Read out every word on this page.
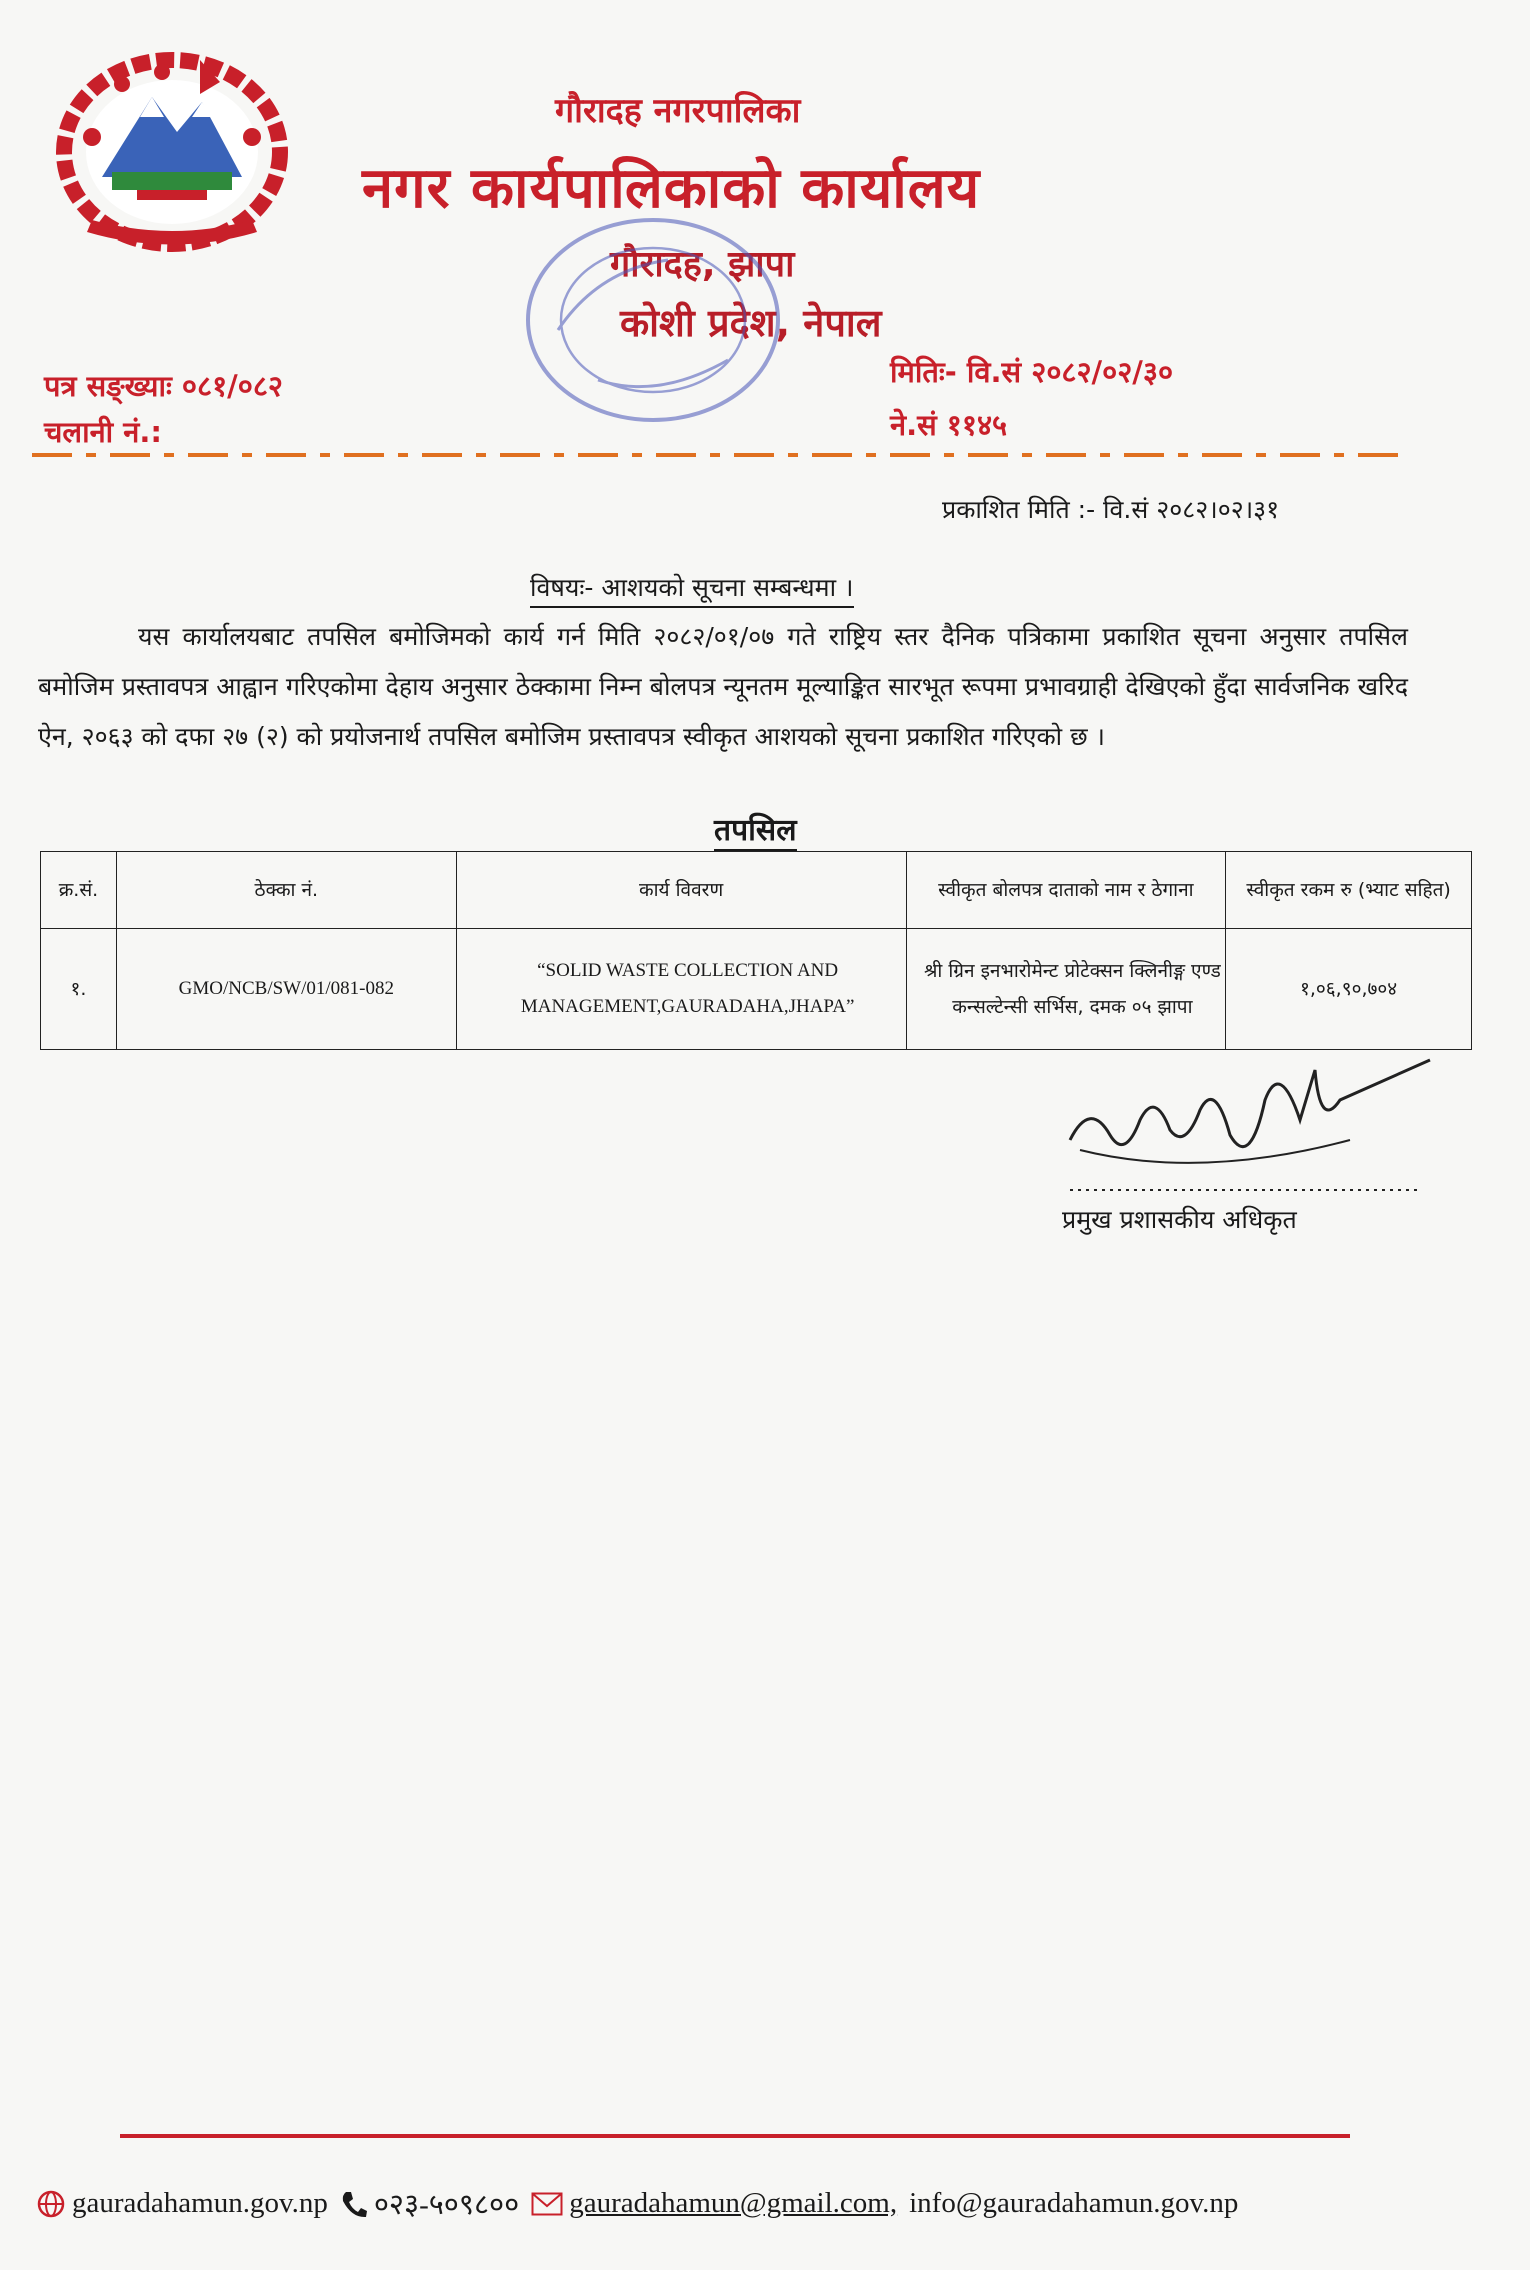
गौरादह नगरपालिका
नगर कार्यपालिकाको कार्यालय
गौरादह, झापा
कोशी प्रदेश, नेपाल
पत्र सङ्ख्याः ०८१/०८२
चलानी नं.:
मितिः- वि.सं २०८२/०२/३०
ने.सं ११४५
प्रकाशित मिति :- वि.सं २०८२।०२।३१
विषयः- आशयको सूचना सम्बन्धमा ।
यस कार्यालयबाट तपसिल बमोजिमको कार्य गर्न मिति २०८२/०१/०७ गते राष्ट्रिय स्तर दैनिक पत्रिकामा प्रकाशित सूचना अनुसार तपसिल बमोजिम प्रस्तावपत्र आह्वान गरिएकोमा देहाय अनुसार ठेक्कामा निम्न बोलपत्र न्यूनतम मूल्याङ्कित सारभूत रूपमा प्रभावग्राही देखिएको हुँदा सार्वजनिक खरिद ऐन, २०६३ को दफा २७ (२) को प्रयोजनार्थ तपसिल बमोजिम प्रस्तावपत्र स्वीकृत आशयको सूचना प्रकाशित गरिएको छ ।
तपसिल
क्र.सं.	ठेक्का नं.	कार्य विवरण	स्वीकृत बोलपत्र दाताको नाम र ठेगाना	स्वीकृत रकम रु (भ्याट सहित)
१.	GMO/NCB/SW/01/081-082	“SOLID WASTE COLLECTION AND MANAGEMENT,GAURADAHA,JHAPA”	श्री ग्रिन इनभारोमेन्ट प्रोटेक्सन क्लिनीङ्ग एण्ड कन्सल्टेन्सी सर्भिस, दमक ०५ झापा	१,०६,९०,७०४
प्रमुख प्रशासकीय अधिकृत
gauradahamun.gov.np ०२३-५०९८०० gauradahamun@gmail.com, info@gauradahamun.gov.np
